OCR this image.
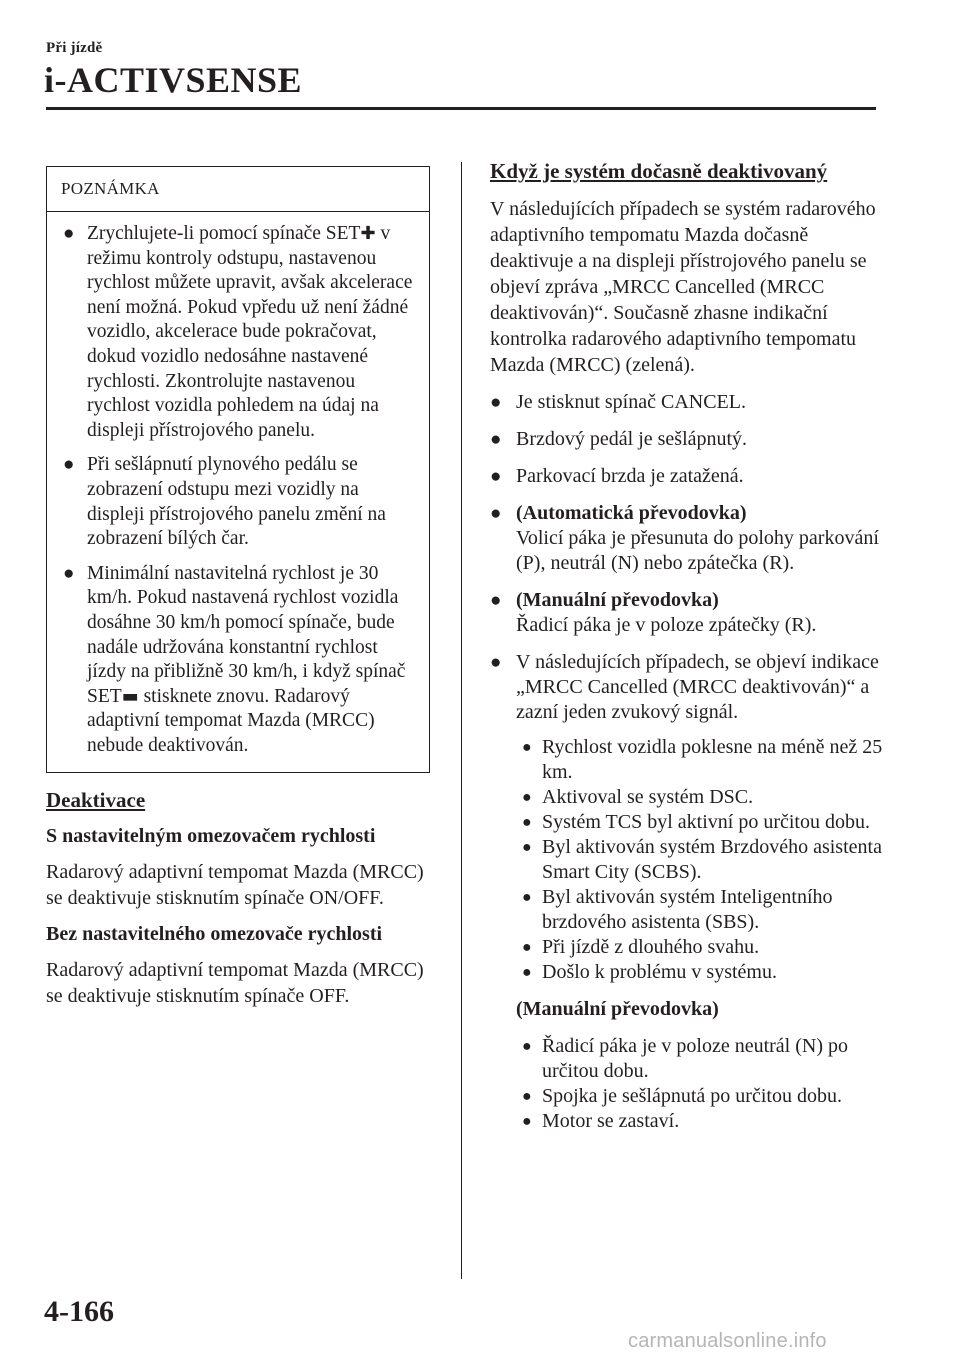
Při jízdě
i-ACTIVSENSE
POZNÁMKA
● Zrychlujete-li pomocí spínače SET✚ v režimu kontroly odstupu, nastavenou rychlost můžete upravit, avšak akcelerace není možná. Pokud vpředu už není žádné vozidlo, akcelerace bude pokračovat, dokud vozidlo nedosáhne nastavené rychlosti. Zkontrolujte nastavenou rychlost vozidla pohledem na údaj na displeji přístrojového panelu.
● Při sešlápnutí plynového pedálu se zobrazení odstupu mezi vozidly na displeji přístrojového panelu změní na zobrazení bílých čar.
● Minimální nastavitelná rychlost je 30 km/h. Pokud nastavená rychlost vozidla dosáhne 30 km/h pomocí spínače, bude nadále udržována konstantní rychlost jízdy na přibližně 30 km/h, i když spínač SET▬ stisknete znovu. Radarový adaptivní tempomat Mazda (MRCC) nebude deaktivován.
Deaktivace
S nastavitelným omezovačem rychlosti
Radarový adaptivní tempomat Mazda (MRCC) se deaktivuje stisknutím spínače ON/OFF.
Bez nastavitelného omezovače rychlosti
Radarový adaptivní tempomat Mazda (MRCC) se deaktivuje stisknutím spínače OFF.
Když je systém dočasně deaktivovaný
V následujících případech se systém radarového adaptivního tempomatu Mazda dočasně deaktivuje a na displeji přístrojového panelu se objeví zpráva „MRCC Cancelled (MRCC deaktivován)“. Současně zhasne indikační kontrolka radarového adaptivního tempomatu Mazda (MRCC) (zelená).
● Je stisknut spínač CANCEL.
● Brzdový pedál je sešlápnutý.
● Parkovací brzda je zatažená.
● (Automatická převodovka)
Volicí páka je přesunuta do polohy parkování (P), neutrál (N) nebo zpátečka (R).
● (Manuální převodovka)
Řadicí páka je v poloze zpátečky (R).
● V následujících případech, se objeví indikace „MRCC Cancelled (MRCC deaktivován)“ a zazní jeden zvukový signál.
● Rychlost vozidla poklesne na méně než 25 km.
● Aktivoval se systém DSC.
● Systém TCS byl aktivní po určitou dobu.
● Byl aktivován systém Brzdového asistenta Smart City (SCBS).
● Byl aktivován systém Inteligentního brzdového asistenta (SBS).
● Při jízdě z dlouhého svahu.
● Došlo k problému v systému.
(Manuální převodovka)
● Řadicí páka je v poloze neutrál (N) po určitou dobu.
● Spojka je sešlápnutá po určitou dobu.
● Motor se zastaví.
4-166
carmanualsonline.info
